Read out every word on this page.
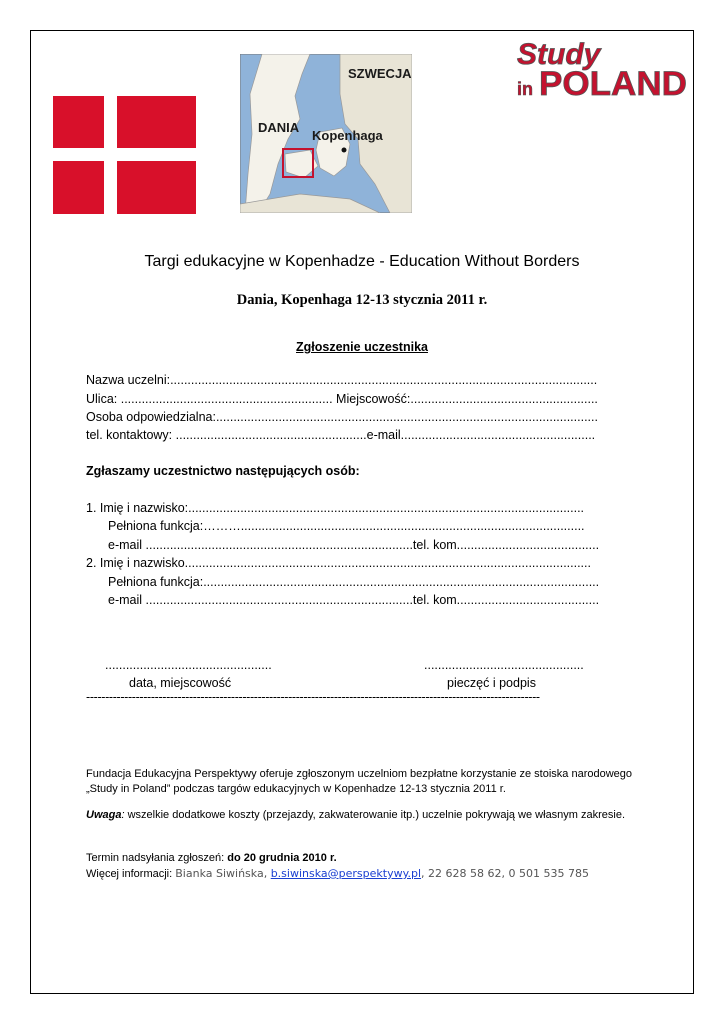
SZWECJA
DANIA
Kopenhaga
Study
in POLAND
Targi edukacyjne w Kopenhadze - Education Without Borders
Dania, Kopenhaga 12-13 stycznia 2011 r.
Zgłoszenie uczestnika
Nazwa uczelni:...........................................................................................................................
Ulica: ............................................................. Miejscowość:......................................................
Osoba odpowiedzialna:..............................................................................................................
tel. kontaktowy: .......................................................e-mail........................................................
Zgłaszamy uczestnictwo następujących osób:
1. Imię i nazwisko:..................................................................................................................
Pełniona funkcja:………...................................................................................................
e-mail .............................................................................tel. kom.........................................
2. Imię i nazwisko.....................................................................................................................
Pełniona funkcja:..................................................................................................................
e-mail .............................................................................tel. kom.........................................
................................................
data, miejscowość
..............................................
pieczęć i podpis
-----------------------------------------------------------------------------------------------------------------------
Fundacja Edukacyjna Perspektywy oferuje zgłoszonym uczelniom bezpłatne korzystanie ze stoiska narodowego „Study in Poland” podczas targów edukacyjnych w Kopenhadze 12-13 stycznia 2011 r.
Uwaga: wszelkie dodatkowe koszty (przejazdy, zakwaterowanie itp.) uczelnie pokrywają we własnym zakresie.
Termin nadsyłania zgłoszeń: do 20 grudnia 2010 r.
Więcej informacji: Bianka Siwińska, b.siwinska@perspektywy.pl, 22 628 58 62, 0 501 535 785
